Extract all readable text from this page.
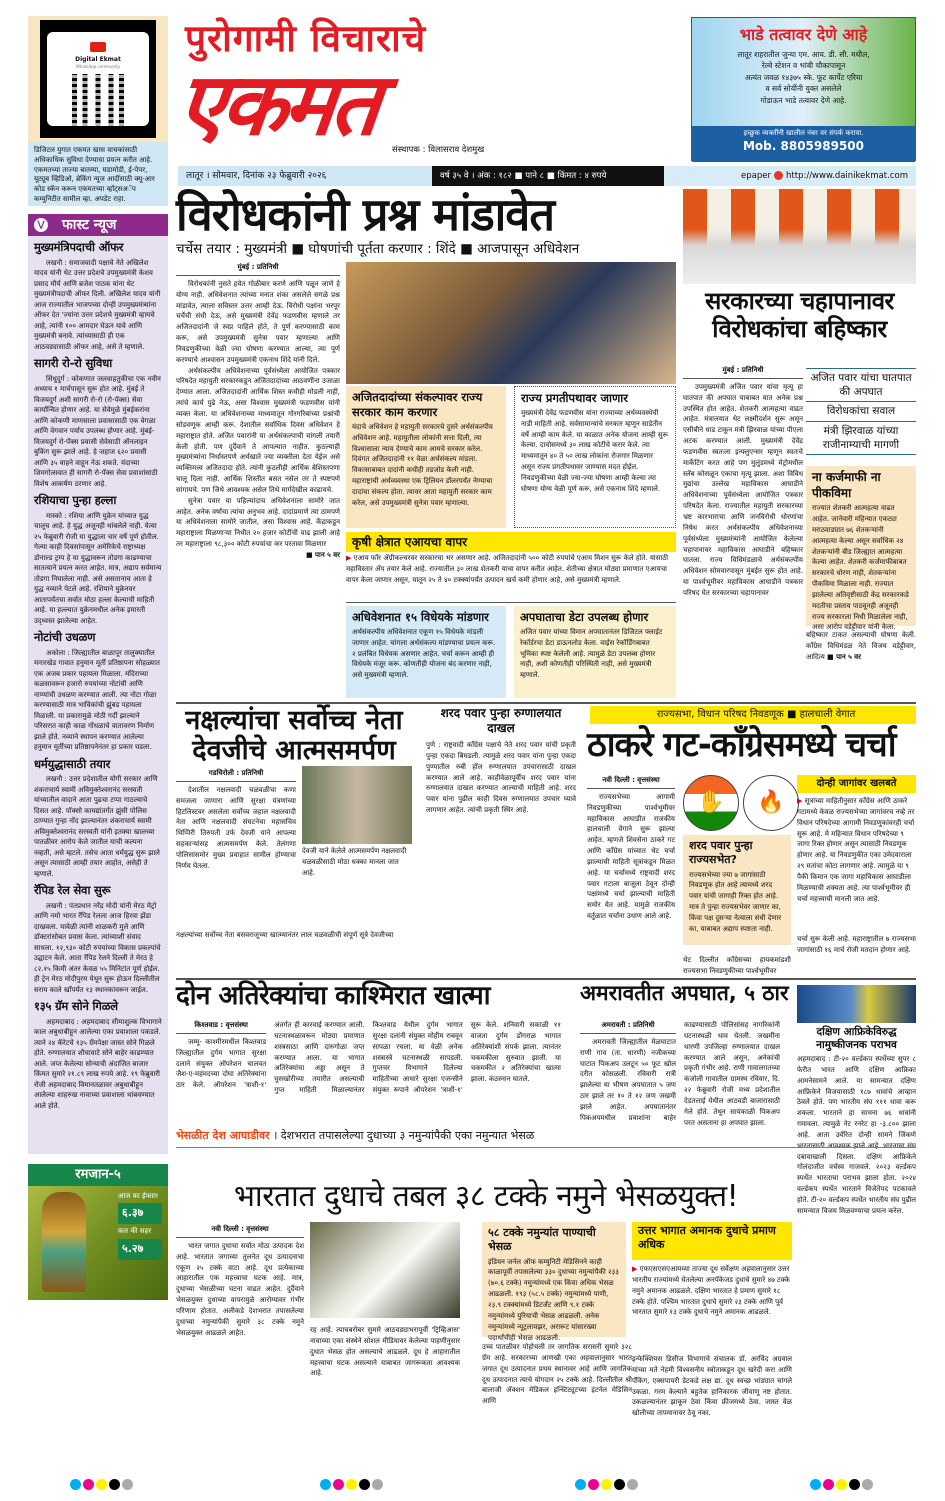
Digital Ekmat
WhatsApp community
डिजिटल युगात एकमत खास वाचकांसाठी अधिकाधिक सुविधा देण्याचा प्रयत्न करीत आहे. एकमतच्या ताज्या बातम्या, घडामोडी, ई-पेपर, यूट्यूब व्हिडिओ, ब्रेकिंग न्यूज आदींसाठी क्यू-आर कोड स्कॅन करून एकमतच्या व्हॉट्सअॅप कम्युनिटीत सामील व्हा. अपडेट राहा.
⋁ फास्ट न्यूज
मुख्यमंत्रिपदाची ऑफर

लखनौ : समाजवादी पक्षाचे नेते अखिलेश यादव यांनी थेट उत्तर प्रदेशचे उपमुख्यमंत्री केशव प्रसाद मौर्य आणि ब्रजेश पाठक यांना थेट मुख्यमंत्रीपदाची ऑफर दिली. अखिलेश यादव यांनी आज राज्यातील भाजपच्या दोन्ही उपमुख्यमंत्र्यांना ऑफर देत 'ज्यांना उत्तर प्रदेशचे मुख्यमंत्री व्हायचे आहे, त्यांनी १०० आमदार घेऊन यावे आणि मुख्यमंत्री बनावे. त्यांच्यासाठी ही एक आठवड्यासाठी ऑफर आहे, असे ते म्हणाले.

सागरी रो-रो सुविधा

सिंधुदुर्ग : कोकणात जलवाहतुकीचा एक नवीन अध्याय १ मार्चपासून सुरू होत आहे. मुंबई ते विजयदुर्ग अशी सागरी रो-रो (रो-पॅक्स) सेवा कार्यान्वित होणार आहे. या सेवेमुळे मुंबईकरांना आणि कोकणी माणसाला प्रवासासाठी एक वेगळा आणि वेगवान पर्याय उपलब्ध होणार आहे. मुंबई-विजयदुर्ग रो-पॅक्स प्रवासी सेवेसाठी ऑनलाइन बुकिंग सुरू झाले आहे. हे जहाज ६२० प्रवासी आणि ३५ वाहने वाहून नेऊ शकते. यंदाच्या शिमगोत्सवात ही सागरी रो-पॅक्स सेवा प्रवाशांसाठी विशेष आकर्षण ठरणार आहे.

रशियाचा पुन्हा हल्ला

मास्को : रशिया आणि युक्रेन यांच्यात युद्ध चालूच आहे. हे युद्ध अजूनही थांबलेले नाही. येत्या २५ फेब्रुवारी रोजी या युद्धाला चार वर्षे पूर्ण होतील. गेल्या काही दिवसांपासून अमेरिकेचे राष्ट्राध्यक्ष डोनाल्ड ट्रम्प हे या युद्धावरून तोडगा काढण्याचा सातत्याने प्रयत्न करत आहेत. मात्र, अद्याप सर्वमान्य तोडगा निघालेला नाही. असे असतानाच आता हे युद्ध नव्याने पेटले आहे. रशियाने युक्रेनवर आतापर्यंतचा सर्वात मोठा हल्ला केल्याची माहिती आहे. या हल्ल्यात युक्रेनमधील अनेक इमारती उद्ध्वस्त झालेल्या आहेत.

नोटांची उधळण

अकोला : जिल्ह्यातील बाळापूर तालुक्यातील मनारखेड गावात हनुमान मूर्ती प्रतिष्ठापना सोहळ्यात एक अजब प्रकार पहायला मिळाला. मंदिराच्या कळसावरून हजारो रुपयांच्या नोटांची आणि नाण्यांची उधळण करण्यात आली. त्या नोटा गोळा करण्यासाठी मात्र भाविकांची झुंबड पहायला मिळाली. या प्रकारामुळे मोठी गर्दी झाल्याने परिसरात काही काळ गोंधळाचे वातावरण निर्माण झाले होते. नव्याने स्थापन करण्यात आलेल्या हनुमान मूर्तीच्या प्रतिष्ठापनेनंतर हा प्रकार घडला.

धर्मयुद्धासाठी तयार

लखनौ : उत्तर प्रदेशातील योगी सरकार आणि शंकराचार्य स्वामी अविमुक्तेश्वरानंद सरस्वती यांच्यातील वादाने आता पुढचा टप्पा गाठल्याचे दिसत आहे. पॉक्सो कायद्यांतर्गत झुंसी पोलिस ठाण्यात गुन्हा नोंद झाल्यानंतर शंकराचार्य स्वामी अविमुक्तेश्वरानंद सरस्वती यांनी इतक्या खालच्या पातळीवर आरोप केले जातील याची कल्पना नव्हती, असे म्हटले. तसेच आता धर्मयुद्ध सुरू झाले असून त्यासाठी आम्ही तयार आहोत, असेही ते म्हणाले.

रॅपिड रेल सेवा सुरू

लखनौ : पंतप्रधान नरेंद्र मोदी यांनी मेरठ मेट्रो आणि नमो भारत रॅपिड रेलला आज हिरवा झेंडा दाखवला. यावेळी त्यांनी शाळकरी मुले आणि डॉक्टरांसोबत प्रवास केला. त्यांच्याशी संवाद साधला. १२,९३० कोटी रुपयांच्या विकास प्रकल्पांचे उद्घाटन केले. आता रॅपिड रेलने दिल्ली ते मेरठ हे ८२.१५ किमी अंतर केवळ ५५ मिनिटांत पूर्ण होईल. ही ट्रेन मेरठ मोदीपुरम येथून सुरू होऊन दिल्लीतील सराय काले खाँपर्यंत १३ स्थानकांवरून जाईल.

१३५ ग्रॅम सोने गिळले

अहमदाबाद : अहमदाबाद सीमाशुल्क विभागाने काल अबुधाबीहून आलेल्या एका प्रवाशाला पकडले. त्याने २४ कॅरेटचे १३५ ग्रॅमपेक्षा जास्त सोने गिळले होते. रुग्णालयात शौचावाटे सोने बाहेर काढण्यात आले. जप्त केलेल्या सोन्याची अंदाजित बाजार किंमत सुमारे २१.८९ लाख रुपये आहे. १९ फेब्रुवारी रोजी अहमदाबाद विमानतळावर अबुधाबीहून आलेल्या शाहरुख नावाच्या प्रवाशाला थांबवण्यात आले होते.

रमजान-५
आज का ईफ्तार
६.३७
कल की सहर
५.२७
पुरोगामी विचाराचे
एकमत संस्थापक : विलासराव देशमुख
भाडे तत्वावर देणे आहे
लातूर शहरातील जुन्या एम. आय. डी. सी. मधील,
रेल्वे स्टेशन व भांबी चौकापासून
अत्यंत जवळ १४३७५ स्के. फूट कार्पेट एरिया
व सर्व सोयींनी युक्त असलेले
गोडाऊन भाडे तत्वावर देणे आहे.
इच्छुक व्यक्तींनी खालील नंबर वर संपर्क करावा.
Mob. 8805989500
लातूर । सोमवार, दिनांक २३ फेब्रुवारी २०२६	वर्ष ३५ वे । अंक : १८२ ■ पाने ८ ■ किंमत : ४ रुपये	epaper http://www.dainikekmat.com
विरोधकांनी प्रश्न मांडावेत
चर्चेस तयार : मुख्यमंत्री ■ घोषणांची पूर्तता करणार : शिंदे ■ आजपासून अधिवेशन
मुंबई : प्रतिनिधी

विरोधकांनी नुसते हवेत गोळीबार करणे आणि पळून जाणे हे योग्य नाही. अधिवेशनात त्यांच्या मनात शंका असलेले सगळे प्रश्न मांडावेत, त्याला सविस्तर उत्तर आम्ही देऊ. विरोधी पक्षांना भरपूर चर्चेची संधी देऊ, असे मुख्यमंत्री देवेंद्र फडणवीस म्हणाले तर अजितदादांनी जे स्वप्न पाहिले होते, ते पूर्ण करण्यासाठी काम करू, असे उपमुख्यमंत्री सुनेत्रा पवार म्हणाल्या आणि निवडणुकीच्या वेळी ज्या घोषणा करण्यात आल्या, त्या पूर्ण करण्याचे आश्वासन उपमुख्यमंत्री एकनाथ शिंदे यांनी दिले.

अर्थसंकल्पीय अधिवेशनाच्या पूर्वसंध्येला आयोजित पत्रकार परिषदेत महायुती सरकारकडून अजितदादांच्या आठवणींना उजाळा देण्यात आला. अजितदादांनी आर्थिक शिस्त कधीही मोडली नाही, त्यांचे कार्य पुढे नेऊ, असा विश्वास मुख्यमंत्री फडणवीस यांनी व्यक्त केला. या अधिवेशनाच्या माध्यमातून गोरगरिबांच्या प्रश्नांची सोडवणूक आम्ही करू. देशातील सर्वाधिक दिवस अधिवेशन हे महाराष्ट्रात होते. अजित पवारांनी या अर्थसंकल्पाची चांगली तयारी केली होती. पण दुर्दैवाने ते आपल्यात नाहीत. कुठल्याही मुख्यमंत्र्यांना निर्धास्तपणे अर्थखाते ज्या व्यक्तीला देता येईल असे व्यक्तिमत्त्व अजितदादा होते. त्यांनी कुठलीही आर्थिक बेशिस्तपणा चालू दिला नाही. आर्थिक शिस्तीत बसत नसेल तर ते स्पष्टपणे सांगायचे. पण जिथे आवश्यक असेल तिथे मार्गदेखील काढायचे.

सुनेत्रा पवार या पहिल्यांदाच अधिवेशनाला सामोरे जात आहेत. अनेक वर्षांचा त्यांचा अनुभव आहे. दादांप्रमाणे त्या ठामपणे या अधिवेशनाला सामोरे जातील, असा विश्वास आहे. केंद्राकडून महाराष्ट्राला मिळणाऱ्या निधीत २० हजार कोटींची वाढ झाली आहे तर महाराष्ट्राला ९८,३०० कोटी रुपयांचा कर परतावा मिळणार

■ पान ५ वर
अजितदादांच्या संकल्पावर राज्य सरकार काम करणार

यंदाचे अधिवेशन हे महायुती सरकारचे दुसरे अर्थसंकल्पीय अधिवेशन आहे. महायुतीला लोकांनी सत्ता दिली, त्या विश्वासाला न्याय देण्याचे काम आमचे सरकार करेल. दिवंगत अजितदादांनी ११ वेळा अर्थसंकल्प मांडला. विकासाबाबत दादांनी कधीही तडजोड केली नाही. महाराष्ट्राची अर्थव्यवस्था एक ट्रिलियन डॉलरपर्यंत नेण्याचा दादांचा संकल्प होता. त्यावर आता महायुती सरकार काम करेल, असे उपमुख्यमंत्री सुनेत्रा पवार म्हणाल्या.

राज्य प्रगतीपथावर जाणार

मुख्यमंत्री देवेंद्र फडणवीस यांना राज्याच्या अर्थव्यवस्थेची नाडी माहिती आहे. सर्वसामान्यांचे सरकार म्हणून साडेतीन वर्षे आम्ही काम केले. या काळात अनेक योजना आम्ही सुरू केल्या. दावोसमध्ये ३० लाख कोटींचे करार केले. त्या माध्यमातून ४० ते ५० लाख लोकांना रोजगार मिळणार असून राज्य प्रगतीपथावर जाण्यास मदत होईल. निवडणुकीच्या वेळी ज्या-ज्या घोषणा आम्ही केल्या त्या घोषणा योग्य वेळी पूर्ण करू, असे एकनाथ शिंदे म्हणाले.

कृषी क्षेत्रात एआयचा वापर
▶ एआय फॉर ॲग्रीकल्चरवर सरकारचा भर असणार आहे. अजितदादांनी ५०० कोटी रुपयांचे एआय मिशन सुरू केले होते. यासाठी महाविस्तार ॲप तयार केले आहे. राज्यातील ३० लाख शेतकरी याचा वापर करीत आहेत. शेतीच्या क्षेत्रात मोठ्या प्रमाणात एआयचा वापर केला जाणार असून, यातून २५ ते ४० टक्क्यांपर्यंत उत्पादन खर्च कमी होणार आहे, असे मुख्यमंत्री म्हणाले.
अधिवेशनात १५ विधेयके मांडणार

अर्थसंकल्पीय अधिवेशनात एकूण १५ विधेयके मांडली जाणार आहेत. चांगला अर्थसंकल्प मांडण्याचा प्रयत्न करू. २ प्रलंबित विधेयक असणार आहेत. चर्चा करून आम्ही ही विधेयके मंजूर करू. कोणतीही योजना बंद करणार नाही, असे मुख्यमंत्री म्हणाले.

अपघाताचा डेटा उपलब्ध होणार

अजित पवार यांच्या विमान अपघातानंतर डिजिटल फ्लाईट रेकॉर्डरचा डेटा डाऊनलोड केला. वाईस रेकॉर्डिंगबाबत भूमिका स्पष्ट केलेली आहे. त्यामुळे डेटा उपलब्ध होणार नाही, अशी कोणतीही परिस्थिती नाही, असे मुख्यमंत्री म्हणाले.

सरकारच्या चहापानावर विरोधकांचा बहिष्कार
मुंबई : प्रतिनिधी

उपमुख्यमंत्री अजित पवार यांचा मृत्यू हा घातपात की अपघात याबाबत यात अनेक प्रश्न उपस्थित होत आहेत. शेतकरी आत्महत्या वाढत आहेत. मंत्रालयात थेट लक्ष्मीदर्शन सुरू असून एसीबीने धाड टाकून मंत्री झिरवाळ यांच्या पीएला अटक करण्यात आली. मुख्यमंत्री देवेंद्र फडणवीस स्वतःला इन्फ्लुएन्सर म्हणून स्वतःचे मार्केटिंग करत आहे पण मुलुंडमध्ये मेट्रोमधील स्लॅब कोसळून एकाचा मृत्यू झाला. अशा विविध मुद्यांचा उल्लेख महाविकास आघाडीने अधिवेशनाच्या पूर्वसंध्येला आयोजित पत्रकार परिषदेत केला. राज्यातील महायुती सरकारच्या भ्रष्ट कारभाराचा आणि जनविरोधी धोरणांचा निषेध करत अर्थसंकल्पीय अधिवेशनाच्या पूर्वसंध्येला मुख्यमंत्र्यांनी आयोजित केलेल्या चहापानावर महाविकास आघाडीने बहिष्कार घातला. राज्य विधिमंडळाचे अर्थसंकल्पीय अधिवेशन सोमवारपासून मुंबईत सुरू होत आहे. या पार्श्वभूमीवर महाविकास आघाडीने पत्रकार परिषद घेत सरकारच्या चहापानावर

अजित पवार यांचा घातपात की अपघात
विरोधकांचा सवाल
मंत्री झिरवाळ यांच्या राजीनाम्याची मागणी
ना कर्जमाफी ना पीकविमा

राज्यात शेतकरी आत्महत्या वाढत आहेत. जानेवारी महिन्यात एकट्या मराठवाड्यात ७६ शेतकऱ्यांनी आत्महत्या केल्या असून सर्वाधिक २४ शेतकऱ्यांनी बीड जिल्ह्यात आत्महत्या केल्या आहेत. शेतकरी कर्जमाफीबाबत सरकारचे धोरण नाही, शेतकऱ्यांना पीकविमा मिळाला नाही. राज्यात झालेल्या अतिवृष्टीसाठी केंद्र सरकारकडे मदतीचा प्रस्ताव पाठवूनही अजूनही राज्य सरकारला निधी मिळालेला नाही, असा आरोप वडेट्टीवार यांनी केला.

बहिष्कार टाकत असल्याची घोषणा केली. काँग्रेस विधिमंडळ नेते विजय वडेट्टीवार, आदित्य ■ पान ५ वर
नक्षल्यांचा सर्वोच्च नेता देवजीचे आत्मसमर्पण
गडचिरोली : प्रतिनिधी

देशातील नक्षलवादी चळवळीचा कणा समजला जाणारा आणि सुरक्षा यंत्रणांच्या हिटलिस्टवर असलेला सर्वोच्च जहाल नक्षलवादी नेता आणि नक्षलवादी संघटनेचा महासचिव थिप्पिरी तिरुपती उर्फ देवजी याने आपल्या सहकाऱ्यांसह आत्मसमर्पण केले. तेलंगणा पोलिसांसमोर मुख्य प्रवाहात सामील होण्याचा निर्णय घेतला.

देवजी याने केलेले आत्मसमर्पण नक्षलवादी चळवळीसाठी मोठा धक्का मानला जात आहे.
नक्षल्यांच्या सर्वोच्च नेता बसवराजूच्या खात्म्यानंतर लाल चळवळीची संपूर्ण सूत्रे देवजीच्या
शरद पवार पुन्हा रुग्णालयात दाखल
पुणे : राष्ट्रवादी काँग्रेस पक्षाचे नेते शरद पवार यांची प्रकृती पुन्हा एकदा बिघडली. त्यामुळे शरद पवार यांना पुन्हा एकदा पुण्यातील रुबी हॉल रुग्णालयात उपचारासाठी दाखल करण्यात आले आहे. काहीवेळापूर्वीच शरद पवार यांना रुग्णालयात दाखल करण्यात आल्याची माहिती आहे. शरद पवार यांना पुढील काही दिवस रुग्णालयात उपचार घ्यावे लागणार आहेत. त्यांची प्रकृती स्थिर आहे.
राज्यसभा, विधान परिषद निवडणूक ■ हालचाली वेगात
ठाकरे गट-काँग्रेसमध्ये चर्चा
नवी दिल्ली : वृत्तसंस्था

राज्यसभेच्या आगामी निवडणुकीच्या पार्श्वभूमीवर महाविकास आघाडीत राजकीय हालचाली वेगाने सुरू झाल्या आहेत. म्हणजे शिवसेना ठाकरे गट आणि काँग्रेस यांच्यात थेट चर्चा झाल्याची माहिती सूत्रांकडून मिळत आहे. या चर्चामध्ये राष्ट्रवादी शरद पवार गटाला बाजूला ठेवून दोन्ही पक्षांमध्ये चर्चा झाल्याची माहिती समोर येत आहे. यामुळे राजकीय वर्तुळात चर्चांना उधाण आले आहे.

✋	🔥
शरद पवार पुन्हा राज्यसभेत?

राज्यसभेच्या ज्या ७ जागांसाठी निवडणूक होत आहे त्यामध्ये शरद पवार यांची जागाही रिक्त होत आहे. मात्र ते पुन्हा राज्यसभेवर जाणार का, किंवा पक्ष दुसऱ्या नेत्याला संधी देणार का, याबाबत अद्याप स्पष्टता नाही.

थेट दिल्लीत काँग्रेसच्या हायकमांडशी राज्यसभा निवडणुकीच्या पार्श्वभूमीवर
दोन्ही जागांवर खलबते
▶ सूत्रांच्या माहितीनुसार काँग्रेस आणि ठाकरे गटामध्ये केवळ राज्यसभेच्या जागांवरच नव्हे तर विधान परिषदेच्या आगामी निवडणुकांवरही चर्चा सुरू आहे. मे महिन्यात विधान परिषदेच्या ९ जागा रिक्त होणार असून त्यासाठी निवडणूक होणार आहे. या निवडणुकीत एका उमेदवाराला २९ मतांचा कोटा लागणार आहे. त्यामुळे या ९ पैकी किमान एक जागा महाविकास आघाडीला मिळण्याची शक्यता आहे. त्या पार्श्वभूमीवर ही चर्चा महत्त्वाची मानली जात आहे.
चर्चा सुरू केली आहे. महाराष्ट्रातील ७ राज्यसभा जागांसाठी १६ मार्च रोजी मतदान होणार आहे.
दोन अतिरेक्यांचा काश्मिरात खात्मा
किश्तवाड : वृत्तसंस्था

जम्मू- काश्मीरमधील किश्तवाड जिल्ह्यातील दुर्गम भागात सुरक्षा दलाने संयुक्त ऑपरेशन चालवत जैश-ए-महंमदच्या दोघा अतिरेक्यांना ठार केले. ऑपरेशन 'त्राशी-१' अंतर्गत ही कारवाई करण्यात आली. घटनास्थळावरून मोठ्या प्रमाणात शस्त्रसाठा आणि दारुगोळा जप्त करण्यात आला. या भागात अतिरेक्यांचा अड्डा असून ते घुसखोरीच्या तयारीत असल्याची गुप्त माहिती मिळाल्यानंतर किश्तवाड येथील दुर्गम भागात सुरक्षा दलांनी संयुक्त मोहीम राबवून सापळा रचला. या वेळी अनेक शस्त्रास्त्रे घटनास्थळी सापडली. गुप्तचर विभागाने दिलेल्या माहितीच्या आधारे सुरक्षा एजन्सीने संयुक्त रूपाने ऑपरेशन 'त्राशी-१' सुरू केले. शनिवारी सकाळी ११ वाजता दुर्गम डोंगराळ भागात अतिरेक्यांशी संपर्क झाला. त्यानंतर चकमकीला सुरुवात झाली. या चकमकीत २ अतिरेक्यांचा खात्मा झाला. कंठस्नान घातले.

अमरावतीत अपघात, ५ ठार
अमरावती : प्रतिनिधी

अमरावती जिल्ह्यातील मेळघाटात राणी गाव (ता. धारणी) नजीकच्या घाटात पिकअप उलटून ५० फूट खोल दरीत कोसळली. रविवारी रात्री झालेल्या या भीषण अपघातात ५ जण ठार झाले तर १० ते १२ जण जखमी झाले आहेत. अपघातानंतर पिकअपमधील प्रवाशांना बाहेर काढण्यासाठी पोलिसांसह नागरिकांनी घटनास्थळी धाव घेतली. जखमींना धारणी उपजिल्हा रुग्णालयात दाखल करण्यात आले असून, अनेकांची प्रकृती गंभीर आहे. राणी गावालगतच्या कंजोली गावातील ग्रामस्थ रविवार, दि. २२ फेब्रुवारी रोजी मध्य प्रदेशातील देडतलाई येथील आठवडी बाजारासाठी गेले होते. तेथून सायंकाळी पिकअप परत असताना हा अपघात झाला.

दक्षिण आफ्रिकेविरुद्ध नामुष्कीजनक पराभव
अहमदाबाद : टी-२० वर्ल्डकप स्पर्धेच्या सुपर ८ फेरीत भारत आणि दक्षिण आफ्रिका आमनेसामने आले. या सामन्यात दक्षिण आफ्रिकेने विजयासाठी १८७ धावांचे आव्हान ठेवले होते. पण भारतीय संघ १११ धावा करू शकला. भारताने हा सामना ७६ धावांनी गमावला. त्यामुळे नेट रनरेट हा -३.८०० झाला आहे. आता उर्वरित दोन्ही सामने जिंकणे भारतासाठी आवश्यक झाले आहे. भारताचा संघ दबावाखाली दिसला. दक्षिण आफ्रिकेने गोलंदाजीत वर्चस्व गाजवले. २०२३ वर्ल्डकप स्पर्धेत भारताचा पराभव झाला होता. २०२४ वर्ल्डकप स्पर्धेत भारताने विजेतेपद पटकावले होते. टी-२० वर्ल्डकप स्पर्धेत भारतीय संघ पुढील सामन्यात विजय मिळवण्याचा प्रयत्न करेल.
भेसळीत देश आघाडीवर । देशभरात तपासलेल्या दुधाच्या ३ नमुन्यांपैकी एका नमुन्यात भेसळ
भारतात दुधाचे तबल ३८ टक्के नमुने भेसळयुक्त!
नवी दिल्ली : वृत्तसंस्था

भारत जगात दुधाचा सर्वात मोठा उत्पादक देश आहे. भारतात जगाच्या तुलनेत दूध उत्पादनाचा एकूण २५ टक्के वाटा आहे. दूध प्रत्येकाच्या आहारातील एक महत्त्वाचा घटक आहे. मात्र, दुधाच्या भेसळीच्या घटना वाढत आहेत. दुर्दैवाने भेसळयुक्त दुधाच्या वापरामुळे आरोग्यावर गंभीर परिणाम होतात. अलीकडे देशभरात तपासलेल्या दुधाच्या नमुन्यांपैकी सुमारे ३८ टक्के नमुने भेसळयुक्त आढळले आहेत.	रह आहे. त्याचबरोबर सुमारे आठवड्याभरापूर्वी 'ट्रिव्हिआस' नावाच्या एका संस्थेने सोशल मीडियावर केलेल्या पाहणीनुसार दुधात भेसळ होत असल्याचे आढळले. दूध हे आहारातील महत्त्वाचा घटक असल्याने याबाबत जागरूकता आवश्यक आहे.
५८ टक्के नमुन्यांत पाण्याची भेसळ

इंडियन जर्नल ऑफ कम्युनिटी मेडिसिनने काही काळापूर्वी तपासलेल्या ३३० दुधाच्या नमुन्यांपैकी २३३ (७०.६ टक्के) नमुन्यांमध्ये एक किंवा अधिक भेसळ आढळली. १९३ (५८.५ टक्के) नमुन्यांमध्ये पाणी, २३.९ टक्क्यांमध्ये डिटर्जंट आणि ९.१ टक्के नमुन्यांमध्ये युरियाची भेसळ आढळली. अनेक नमुन्यांमध्ये न्यूट्रलायझर, अरारूट यांसारख्या पदार्थांचीही भेसळ आढळली.

उच्च पातळीवर पोहोचली तर जागतिक सरासरी सुमारे ३२८ ग्रॅम आहे. सरकारच्या आणखी एका अहवालानुसार भारत जगात दूध उत्पादनात प्रथम स्थानावर आहे आणि जागतिक दूध उत्पादनात त्याचे योगदान २५ टक्के आहे. दिल्लीतील श्री बालाजी ॲक्शन मेडिकल इन्स्टिट्यूटच्या इंटर्नल मेडिसिन आणि
उत्तर भागात अमानक दुधाचे प्रमाण अधिक
▶ एफएसएसएआयच्या ताज्या दूध सर्वेक्षण अहवालानुसार उत्तर भारतीय राज्यांमध्ये घेतलेल्या अनपॅकेजड दुधाचे सुमारे ४७ टक्के नमुने अमानक आढळले. दक्षिण भारतात हे प्रमाण सुमारे १८ टक्के होते. पश्चिम भारतात दुधाचे सुमारे २३ टक्के आणि पूर्व भारतात सुमारे १३ टक्के दुधाचे नमुने अमानक आढळले.
इन्फेक्शियस डिसीज विभागाचे संचालक डॉ. अरविंद अग्रवाल यांच्या मते नेहमी विश्वसनीय स्त्रोताकडून दूध खरेदी करा आणि पॅकिंग, एक्सपायरी डेटकडे लक्ष द्या. दूध स्वच्छ भांड्यात चांगले उकळा. गरम केल्याने बहुतेक हानिकारक जीवाणू नष्ट होतात. उकळल्यानंतर झाकून ठेवा किंवा फ्रीजमध्ये ठेवा. जास्त वेळ खोलीच्या तापमानावर ठेवू नका.
